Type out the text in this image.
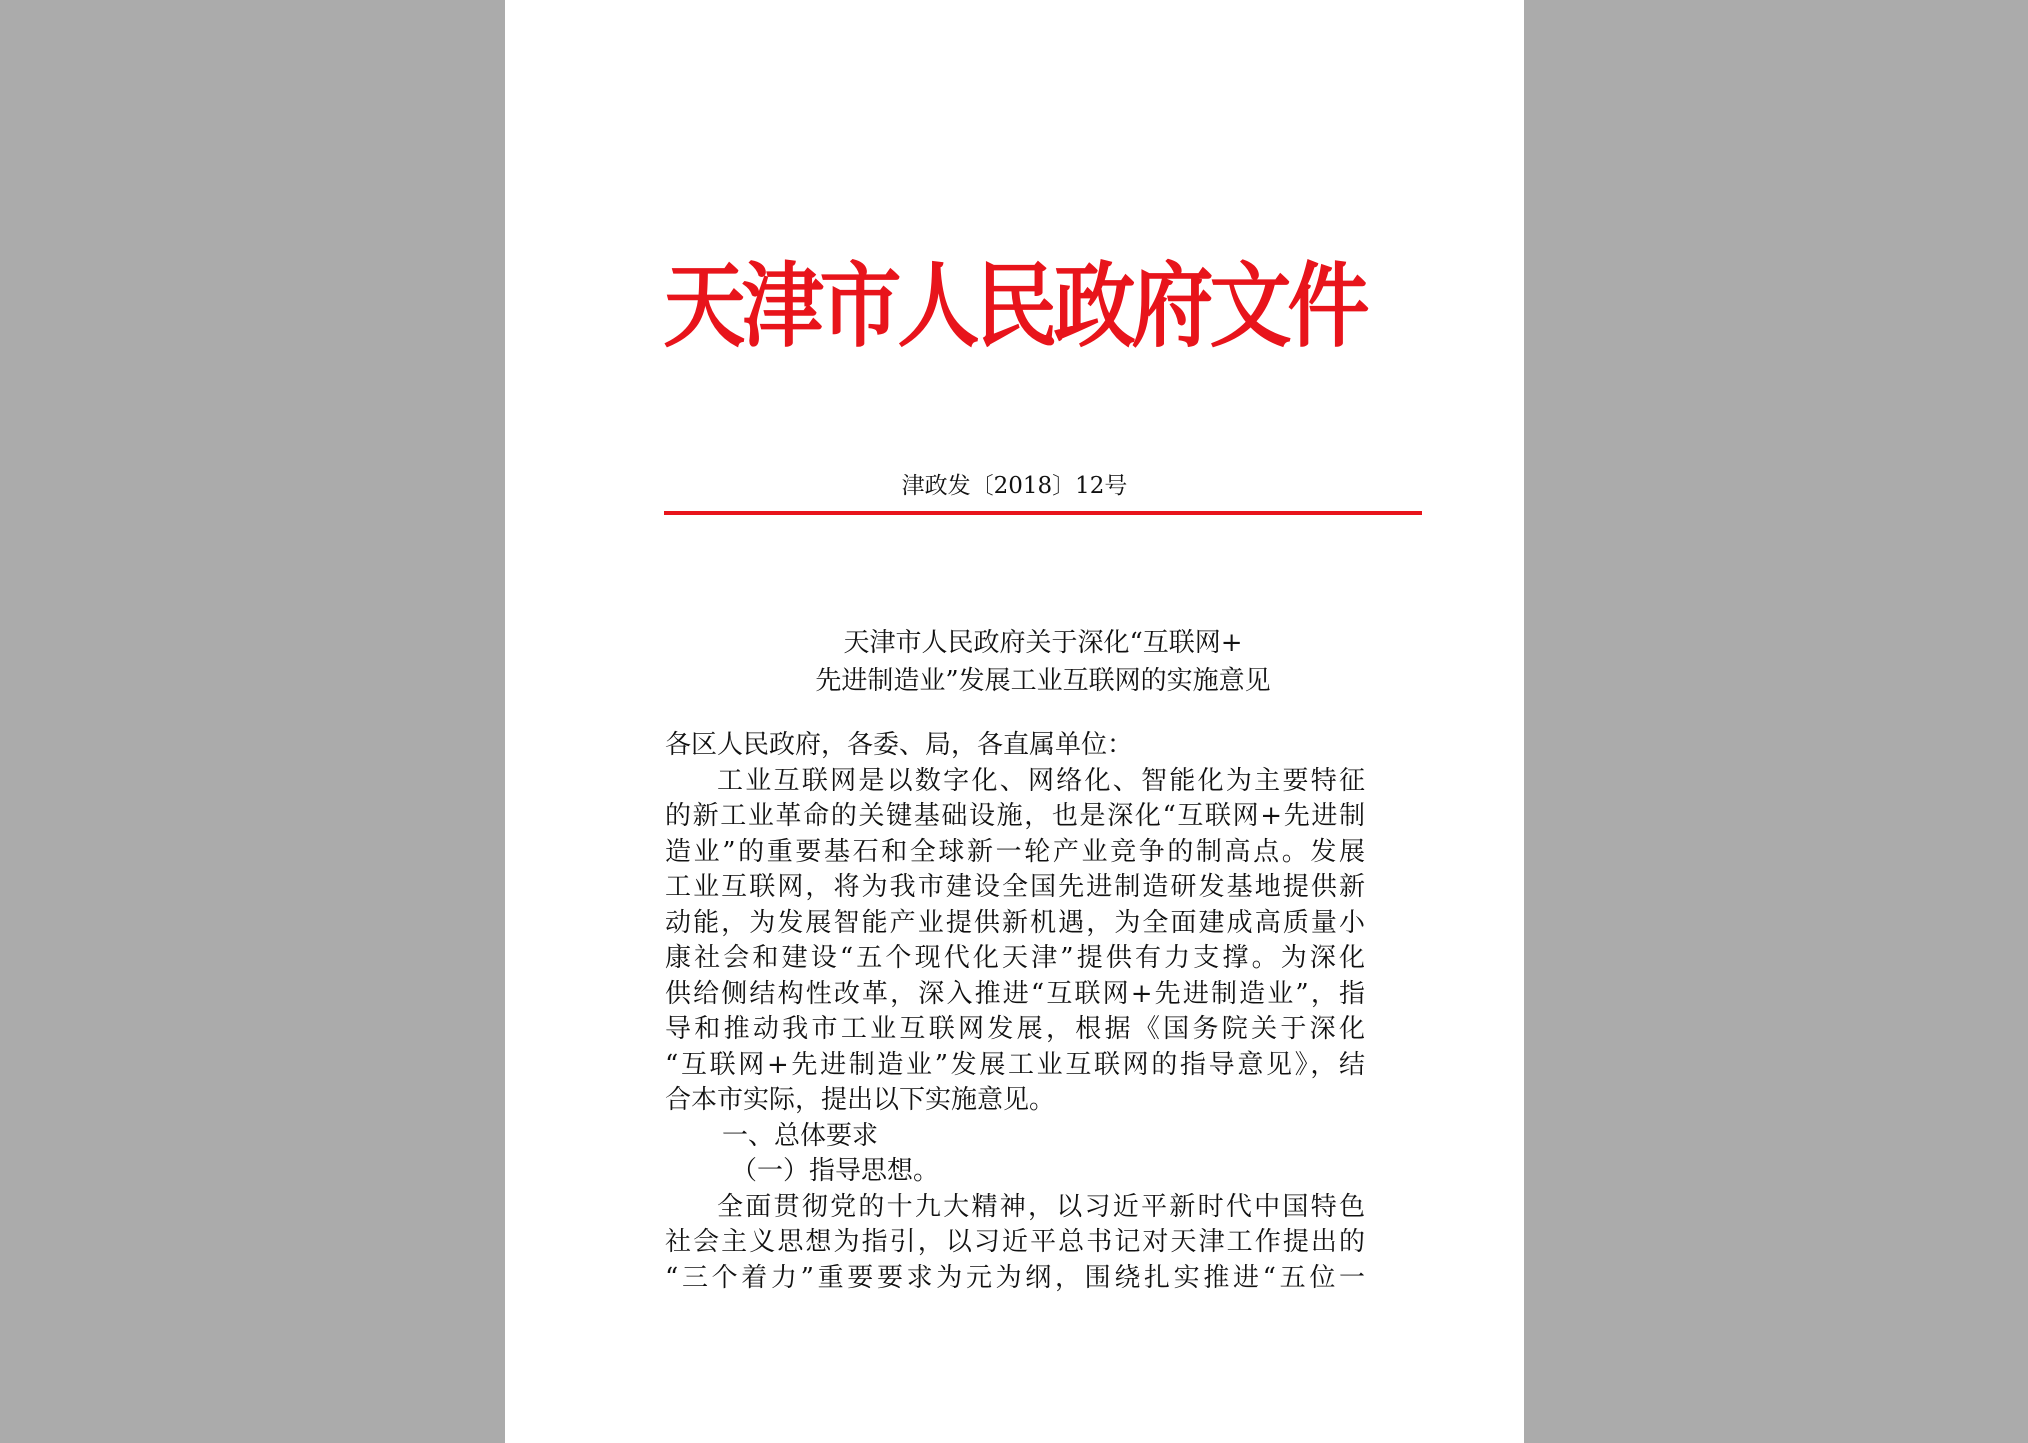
天津市人民政府文件
津政发〔2018〕12号
天津市人民政府关于深化“互联网+
先进制造业”发展工业互联网的实施意见
各区人民政府，各委、局，各直属单位：
工业互联网是以数字化、网络化、智能化为主要特征
的新工业革命的关键基础设施，也是深化“互联网+先进制
造业”的重要基石和全球新一轮产业竞争的制高点。发展
工业互联网，将为我市建设全国先进制造研发基地提供新
动能，为发展智能产业提供新机遇，为全面建成高质量小
康社会和建设“五个现代化天津”提供有力支撑。为深化
供给侧结构性改革，深入推进“互联网+先进制造业”，指
导和推动我市工业互联网发展，根据《国务院关于深化
“互联网+先进制造业”发展工业互联网的指导意见》，结
合本市实际，提出以下实施意见。
一、总体要求
（一）指导思想。
全面贯彻党的十九大精神，以习近平新时代中国特色
社会主义思想为指引，以习近平总书记对天津工作提出的
“三个着力”重要要求为元为纲，围绕扎实推进“五位一
